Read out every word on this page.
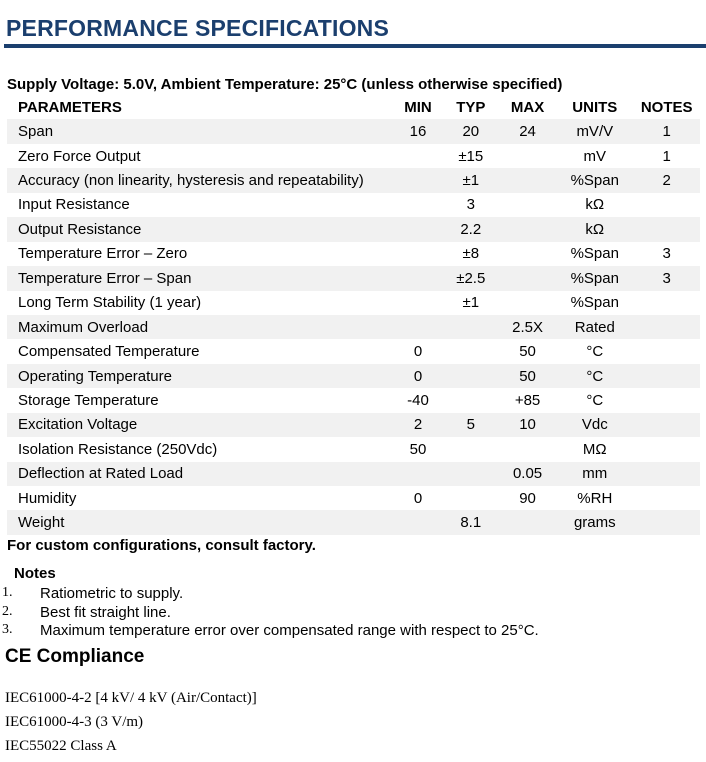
PERFORMANCE SPECIFICATIONS
Supply Voltage: 5.0V, Ambient Temperature: 25°C (unless otherwise specified)
PARAMETERS	MIN	TYP	MAX	UNITS	NOTES
Span	16	20	24	mV/V	1
Zero Force Output		±15		mV	1
Accuracy (non linearity, hysteresis and repeatability)		±1		%Span	2
Input Resistance		3		kΩ	
Output Resistance		2.2		kΩ	
Temperature Error – Zero		±8		%Span	3
Temperature Error – Span		±2.5		%Span	3
Long Term Stability (1 year)		±1		%Span	
Maximum Overload			2.5X	Rated	
Compensated Temperature	0		50	°C	
Operating Temperature	0		50	°C	
Storage Temperature	-40		+85	°C	
Excitation Voltage	2	5	10	Vdc	
Isolation Resistance (250Vdc)	50			MΩ	
Deflection at Rated Load			0.05	mm	
Humidity	0		90	%RH	
Weight		8.1		grams	
For custom configurations, consult factory.
Notes
1. Ratiometric to supply.
2. Best fit straight line.
3. Maximum temperature error over compensated range with respect to 25°C.
CE Compliance
IEC61000-4-2 [4 kV/ 4 kV (Air/Contact)]
IEC61000-4-3 (3 V/m)
IEC55022 Class A
